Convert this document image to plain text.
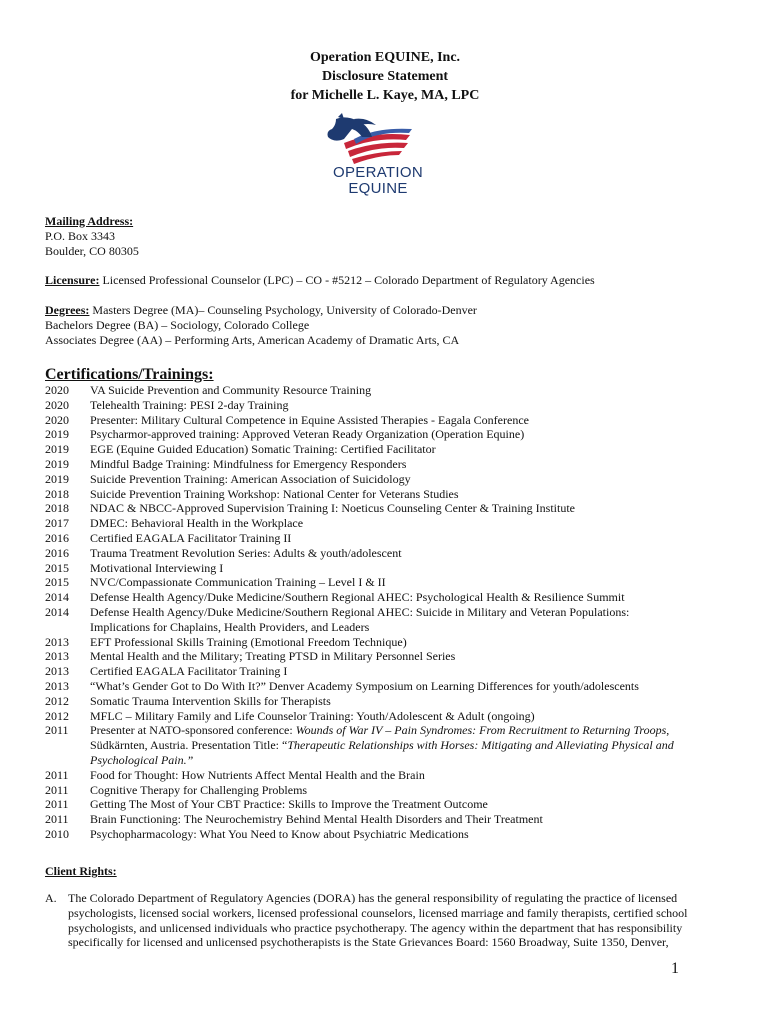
Operation EQUINE, Inc.
Disclosure Statement
for Michelle L. Kaye, MA, LPC
OPERATION
EQUINE
Mailing Address:
P.O. Box 3343
Boulder, CO 80305
Licensure: Licensed Professional Counselor (LPC) – CO - #5212 – Colorado Department of Regulatory Agencies
Degrees: Masters Degree (MA)– Counseling Psychology, University of Colorado-Denver
Bachelors Degree (BA) – Sociology, Colorado College
Associates Degree (AA) – Performing Arts, American Academy of Dramatic Arts, CA
Certifications/Trainings:
2020	VA Suicide Prevention and Community Resource Training
2020	Telehealth Training: PESI 2-day Training
2020	Presenter: Military Cultural Competence in Equine Assisted Therapies - Eagala Conference
2019	Psycharmor-approved training: Approved Veteran Ready Organization (Operation Equine)
2019	EGE (Equine Guided Education) Somatic Training: Certified Facilitator
2019	Mindful Badge Training: Mindfulness for Emergency Responders
2019	Suicide Prevention Training: American Association of Suicidology
2018	Suicide Prevention Training Workshop: National Center for Veterans Studies
2018	NDAC & NBCC-Approved Supervision Training I: Noeticus Counseling Center & Training Institute
2017	DMEC: Behavioral Health in the Workplace
2016	Certified EAGALA Facilitator Training II
2016	Trauma Treatment Revolution Series: Adults & youth/adolescent
2015	Motivational Interviewing I
2015	NVC/Compassionate Communication Training – Level I & II
2014	Defense Health Agency/Duke Medicine/Southern Regional AHEC: Psychological Health & Resilience Summit
2014	Defense Health Agency/Duke Medicine/Southern Regional AHEC: Suicide in Military and Veteran Populations:
Implications for Chaplains, Health Providers, and Leaders
2013	EFT Professional Skills Training (Emotional Freedom Technique)
2013	Mental Health and the Military; Treating PTSD in Military Personnel Series
2013	Certified EAGALA Facilitator Training I
2013	“What’s Gender Got to Do With It?” Denver Academy Symposium on Learning Differences for youth/adolescents
2012	Somatic Trauma Intervention Skills for Therapists
2012	MFLC – Military Family and Life Counselor Training: Youth/Adolescent & Adult (ongoing)
2011	Presenter at NATO-sponsored conference: Wounds of War IV – Pain Syndromes: From Recruitment to Returning Troops,
Südkärnten, Austria. Presentation Title: “Therapeutic Relationships with Horses: Mitigating and Alleviating Physical and
Psychological Pain.”
2011	Food for Thought: How Nutrients Affect Mental Health and the Brain
2011	Cognitive Therapy for Challenging Problems
2011	Getting The Most of Your CBT Practice: Skills to Improve the Treatment Outcome
2011	Brain Functioning: The Neurochemistry Behind Mental Health Disorders and Their Treatment
2010	Psychopharmacology: What You Need to Know about Psychiatric Medications
Client Rights:
A. The Colorado Department of Regulatory Agencies (DORA) has the general responsibility of regulating the practice of licensed
psychologists, licensed social workers, licensed professional counselors, licensed marriage and family therapists, certified school
psychologists, and unlicensed individuals who practice psychotherapy. The agency within the department that has responsibility
specifically for licensed and unlicensed psychotherapists is the State Grievances Board: 1560 Broadway, Suite 1350, Denver,
1
